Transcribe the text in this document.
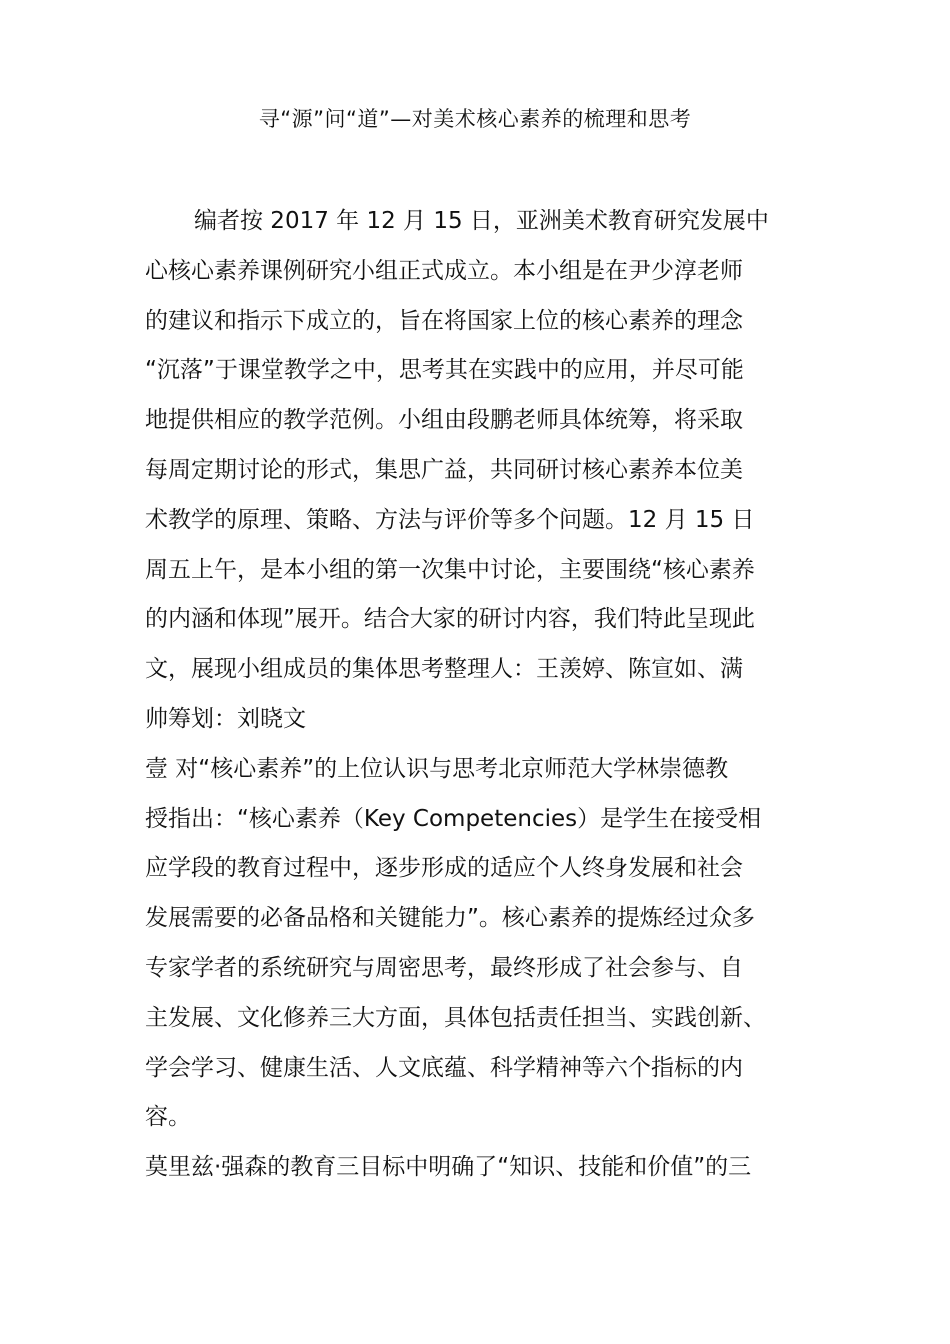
寻“源”问“道”—对美术核心素养的梳理和思考
编者按 2017 年 12 月 15 日，亚洲美术教育研究发展中
心核心素养课例研究小组正式成立。本小组是在尹少淳老师
的建议和指示下成立的，旨在将国家上位的核心素养的理念
“沉落”于课堂教学之中，思考其在实践中的应用，并尽可能
地提供相应的教学范例。小组由段鹏老师具体统筹，将采取
每周定期讨论的形式，集思广益，共同研讨核心素养本位美
术教学的原理、策略、方法与评价等多个问题。12 月 15 日
周五上午，是本小组的第一次集中讨论，主要围绕“核心素养
的内涵和体现”展开。结合大家的研讨内容，我们特此呈现此
文，展现小组成员的集体思考整理人：王羡婷、陈宣如、满
帅筹划：刘晓文
壹 对“核心素养”的上位认识与思考北京师范大学林崇德教
授指出：“核心素养（Key Competencies）是学生在接受相
应学段的教育过程中，逐步形成的适应个人终身发展和社会
发展需要的必备品格和关键能力”。核心素养的提炼经过众多
专家学者的系统研究与周密思考，最终形成了社会参与、自
主发展、文化修养三大方面，具体包括责任担当、实践创新、
学会学习、健康生活、人文底蕴、科学精神等六个指标的内
容。
莫里兹·强森的教育三目标中明确了“知识、技能和价值”的三
